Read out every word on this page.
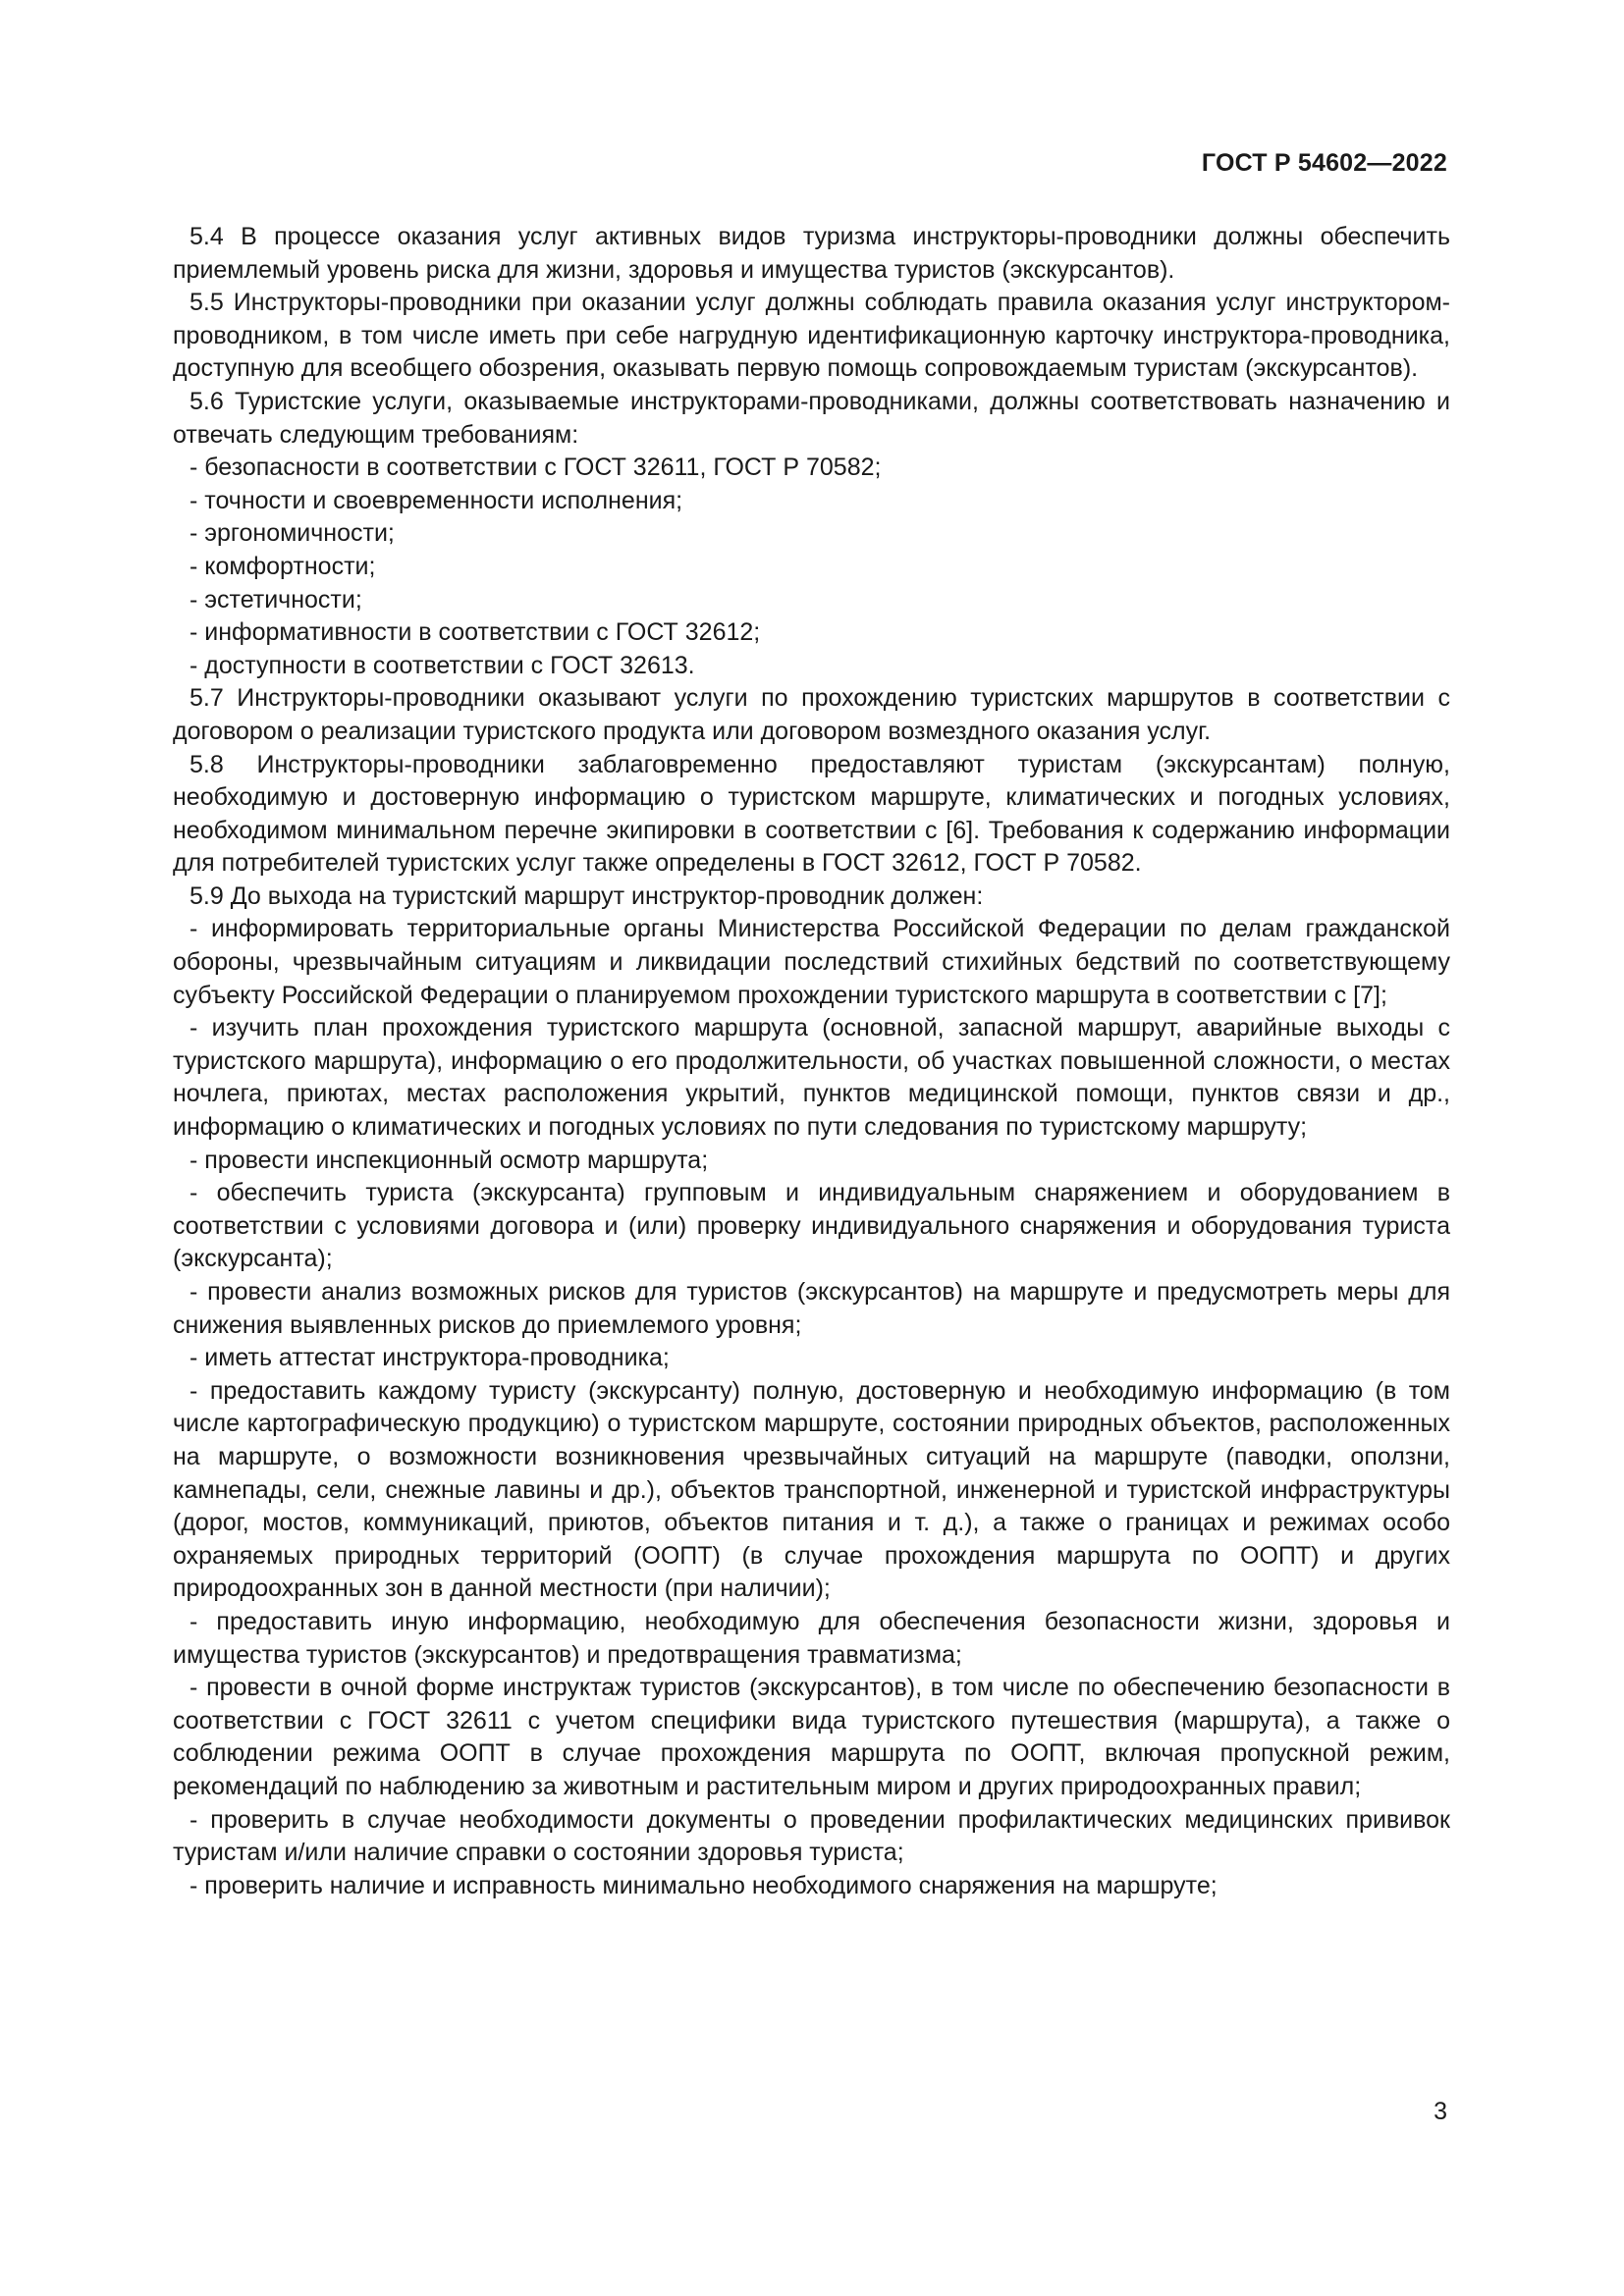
ГОСТ Р 54602—2022

5.4 В процессе оказания услуг активных видов туризма инструкторы-проводники должны обеспечить приемлемый уровень риска для жизни, здоровья и имущества туристов (экскурсантов).

5.5 Инструкторы-проводники при оказании услуг должны соблюдать правила оказания услуг инструктором-проводником, в том числе иметь при себе нагрудную идентификационную карточку инструктора-проводника, доступную для всеобщего обозрения, оказывать первую помощь сопровождаемым туристам (экскурсантов).

5.6 Туристские услуги, оказываемые инструкторами-проводниками, должны соответствовать назначению и отвечать следующим требованиям:

- безопасности в соответствии с ГОСТ 32611, ГОСТ Р 70582;

- точности и своевременности исполнения;

- эргономичности;

- комфортности;

- эстетичности;

- информативности в соответствии с ГОСТ 32612;

- доступности в соответствии с ГОСТ 32613.

5.7 Инструкторы-проводники оказывают услуги по прохождению туристских маршрутов в соответствии с договором о реализации туристского продукта или договором возмездного оказания услуг.

5.8 Инструкторы-проводники заблаговременно предоставляют туристам (экскурсантам) полную, необходимую и достоверную информацию о туристском маршруте, климатических и погодных условиях, необходимом минимальном перечне экипировки в соответствии с [6]. Требования к содержанию информации для потребителей туристских услуг также определены в ГОСТ 32612, ГОСТ Р 70582.

5.9 До выхода на туристский маршрут инструктор-проводник должен:

- информировать территориальные органы Министерства Российской Федерации по делам гражданской обороны, чрезвычайным ситуациям и ликвидации последствий стихийных бедствий по соответствующему субъекту Российской Федерации о планируемом прохождении туристского маршрута в соответствии с [7];

- изучить план прохождения туристского маршрута (основной, запасной маршрут, аварийные выходы с туристского маршрута), информацию о его продолжительности, об участках повышенной сложности, о местах ночлега, приютах, местах расположения укрытий, пунктов медицинской помощи, пунктов связи и др., информацию о климатических и погодных условиях по пути следования по туристскому маршруту;

- провести инспекционный осмотр маршрута;

- обеспечить туриста (экскурсанта) групповым и индивидуальным снаряжением и оборудованием в соответствии с условиями договора и (или) проверку индивидуального снаряжения и оборудования туриста (экскурсанта);

- провести анализ возможных рисков для туристов (экскурсантов) на маршруте и предусмотреть меры для снижения выявленных рисков до приемлемого уровня;

- иметь аттестат инструктора-проводника;

- предоставить каждому туристу (экскурсанту) полную, достоверную и необходимую информацию (в том числе картографическую продукцию) о туристском маршруте, состоянии природных объектов, расположенных на маршруте, о возможности возникновения чрезвычайных ситуаций на маршруте (паводки, оползни, камнепады, сели, снежные лавины и др.), объектов транспортной, инженерной и туристской инфраструктуры (дорог, мостов, коммуникаций, приютов, объектов питания и т. д.), а также о границах и режимах особо охраняемых природных территорий (ООПТ) (в случае прохождения маршрута по ООПТ) и других природоохранных зон в данной местности (при наличии);

- предоставить иную информацию, необходимую для обеспечения безопасности жизни, здоровья и имущества туристов (экскурсантов) и предотвращения травматизма;

- провести в очной форме инструктаж туристов (экскурсантов), в том числе по обеспечению безопасности в соответствии с ГОСТ 32611 с учетом специфики вида туристского путешествия (маршрута), а также о соблюдении режима ООПТ в случае прохождения маршрута по ООПТ, включая пропускной режим, рекомендаций по наблюдению за животным и растительным миром и других природоохранных правил;

- проверить в случае необходимости документы о проведении профилактических медицинских прививок туристам и/или наличие справки о состоянии здоровья туриста;

- проверить наличие и исправность минимально необходимого снаряжения на маршруте;

3
